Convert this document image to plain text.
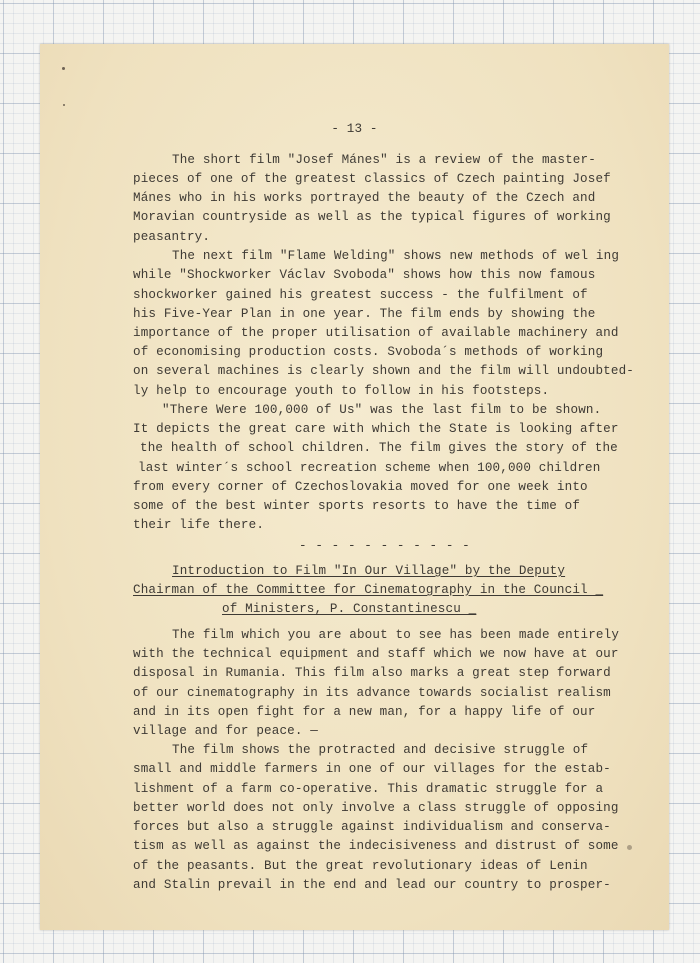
- 13 -
The short film "Josef Mánes" is a review of the master-
pieces of one of the greatest classics of Czech painting Josef
Mánes who in his works portrayed the beauty of the Czech and
Moravian countryside as well as the typical figures of working
peasantry.
The next film "Flame Welding" shows new methods of wel ing
while "Shockworker Václav Svoboda" shows how this now famous
shockworker gained his greatest success - the fulfilment of
his Five-Year Plan in one year. The film ends by showing the
importance of the proper utilisation of available machinery and
of economising production costs. Svoboda´s methods of working
on several machines is clearly shown and the film will undoubted-
ly help to encourage youth to follow in his footsteps.
"There Were 100,000 of Us" was the last film to be shown.
It depicts the great care with which the State is looking after
the health of school children. The film gives the story of the
last winter´s school recreation scheme when 100,000 children
from every corner of Czechoslovakia moved for one week into
some of the best winter sports resorts to have the time of
their life there.
- - - - - - - - - - -
Introduction to Film "In Our Village" by the Deputy
Chairman of the Committee for Cinematography in the Council _
of Ministers, P. Constantinescu _
The film which you are about to see has been made entirely
with the technical equipment and staff which we now have at our
disposal in Rumania. This film also marks a great step forward
of our cinematography in its advance towards socialist realism
and in its open fight for a new man, for a happy life of our
village and for peace. —
The film shows the protracted and decisive struggle of
small and middle farmers in one of our villages for the estab-
lishment of a farm co-operative. This dramatic struggle for a
better world does not only involve a class struggle of opposing
forces but also a struggle against individualism and conserva-
tism as well as against the indecisiveness and distrust of some
of the peasants. But the great revolutionary ideas of Lenin
and Stalin prevail in the end and lead our country to prosper-
